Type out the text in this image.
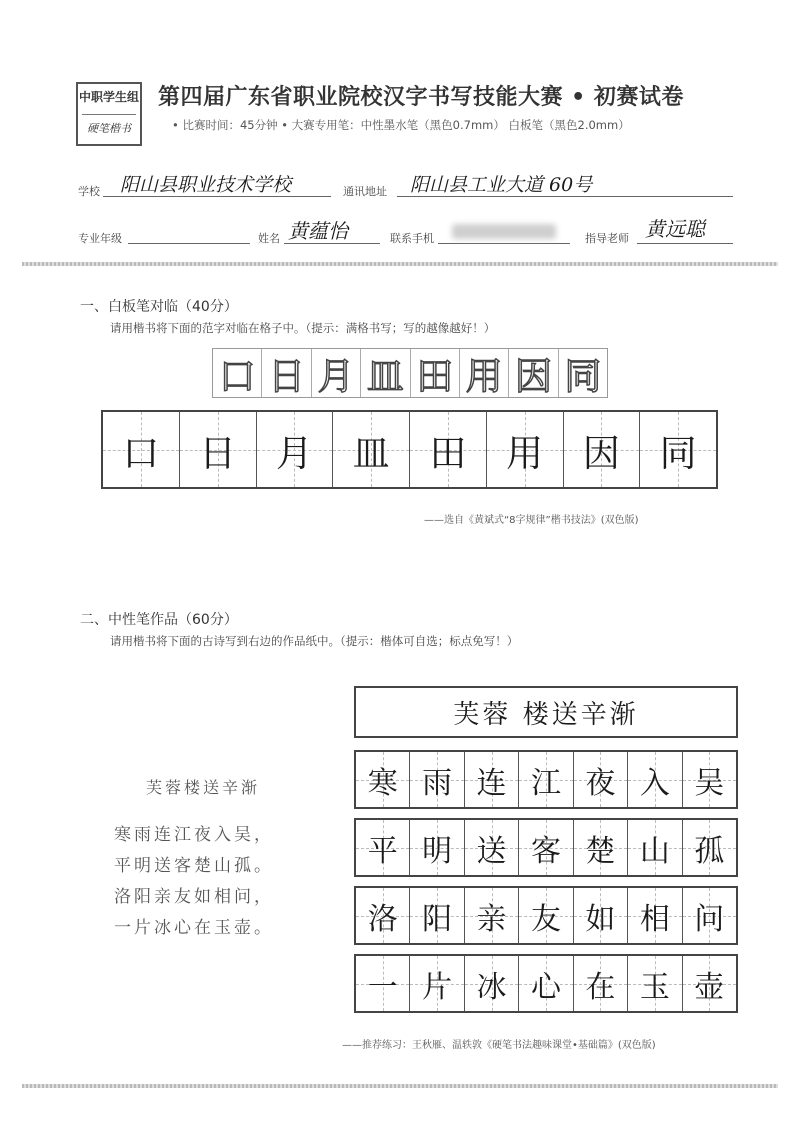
中职学生组
硬笔楷书
第四届广东省职业院校汉字书写技能大赛 • 初赛试卷
• 比赛时间：45分钟 • 大赛专用笔：中性墨水笔（黑色0.7mm） 白板笔（黑色2.0mm）
学校 阳山县职业技术学校	通讯地址 阳山县工业大道 60号
专业年级	姓名 黄蕴怡	联系手机	指导老师 黄远聪
一、白板笔对临（40分）
请用楷书将下面的范字对临在格子中。（提示：满格书写；写的越像越好！）
口 日 月 皿 田 用 因 同
口 日 月 皿 田 用 因 同
——选自《黄斌式“8字规律”楷书技法》(双色版)
二、中性笔作品（60分）
请用楷书将下面的古诗写到右边的作品纸中。（提示：楷体可自选；标点免写！）
芙蓉楼送辛渐
寒雨连江夜入吴，
平明送客楚山孤。
洛阳亲友如相问，
一片冰心在玉壶。
芙蓉 楼送辛渐
寒 雨 连 江 夜 入 吴
平 明 送 客 楚 山 孤
洛 阳 亲 友 如 相 问
一 片 冰 心 在 玉 壶
——推荐练习：王秋雁、温轶敦《硬笔书法趣味课堂•基础篇》(双色版)
